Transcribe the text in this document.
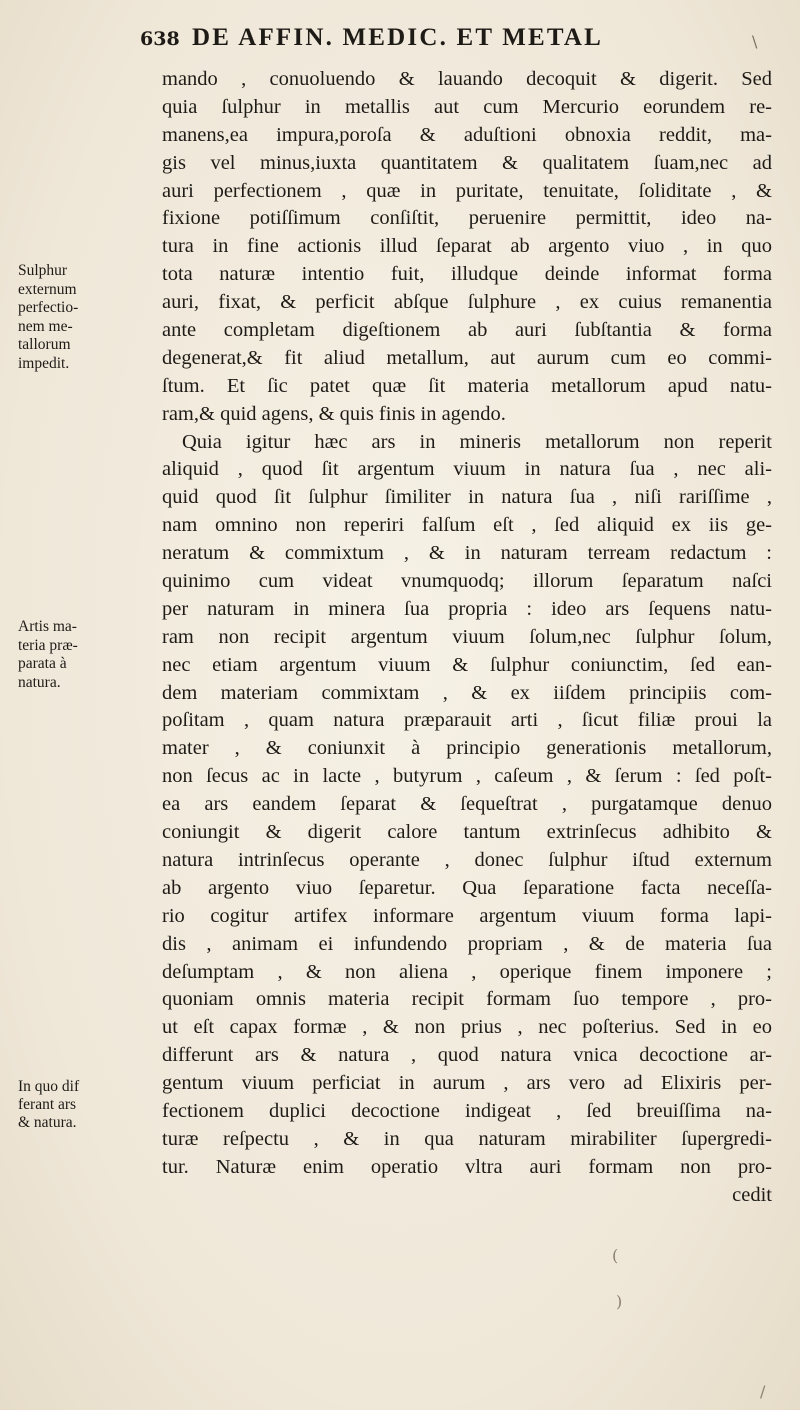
638 DE AFFIN. MEDIC. ET METAL	\
mando , conuoluendo & lauando decoquit & digerit. Sed
quia ſulphur in metallis aut cum Mercurio eorundem re-
manens,ea impura,poroſa & aduſtioni obnoxia reddit, ma-
gis vel minus,iuxta quantitatem & qualitatem ſuam,nec ad
auri perfectionem , quæ in puritate, tenuitate, ſoliditate , &
fixione potiſſimum conſiſtit, peruenire permittit, ideo na-
tura in fine actionis illud ſeparat ab argento viuo , in quo
tota naturæ intentio fuit, illudque deinde informat forma
auri, fixat, & perficit abſque ſulphure , ex cuius remanentia
ante completam digeſtionem ab auri ſubſtantia & forma
degenerat,& fit aliud metallum, aut aurum cum eo commi-
ſtum. Et ſic patet quæ ſit materia metallorum apud natu-
ram,& quid agens, & quis finis in agendo.
Quia igitur hæc ars in mineris metallorum non reperit
aliquid , quod ſit argentum viuum in natura ſua , nec ali-
quid quod ſit ſulphur ſimiliter in natura ſua , niſi rariſſime ,
nam omnino non reperiri falſum eſt , ſed aliquid ex iis ge-
neratum & commixtum , & in naturam terream redactum :
quinimo cum videat vnumquodq; illorum ſeparatum naſci
per naturam in minera ſua propria : ideo ars ſequens natu-
ram non recipit argentum viuum ſolum,nec ſulphur ſolum,
nec etiam argentum viuum & ſulphur coniunctim, ſed ean-
dem materiam commixtam , & ex iiſdem principiis com-
poſitam , quam natura præparauit arti , ſicut filiæ proui la
mater , & coniunxit à principio generationis metallorum,
non ſecus ac in lacte , butyrum , caſeum , & ſerum : ſed poſt-
ea ars eandem ſeparat & ſequeſtrat , purgatamque denuo
coniungit & digerit calore tantum extrinſecus adhibito &
natura intrinſecus operante , donec ſulphur iſtud externum
ab argento viuo ſeparetur. Qua ſeparatione facta neceſſa-
rio cogitur artifex informare argentum viuum forma lapi-
dis , animam ei infundendo propriam , & de materia ſua
deſumptam , & non aliena , operique finem imponere ;
quoniam omnis materia recipit formam ſuo tempore , pro-
ut eſt capax formæ , & non prius , nec poſterius. Sed in eo
differunt ars & natura , quod natura vnica decoctione ar-
gentum viuum perficiat in aurum , ars vero ad Elixiris per-
fectionem duplici decoctione indigeat , ſed breuiſſima na-
turæ reſpectu , & in qua naturam mirabiliter ſupergredi-
tur. Naturæ enim operatio vltra auri formam non pro-
cedit
Sulphur
externum
perfectio-
nem me-
tallorum
impedit.
Artis ma-
teria præ-
parata à
natura.
In quo dif
ferant ars
& natura.
(
)
/
